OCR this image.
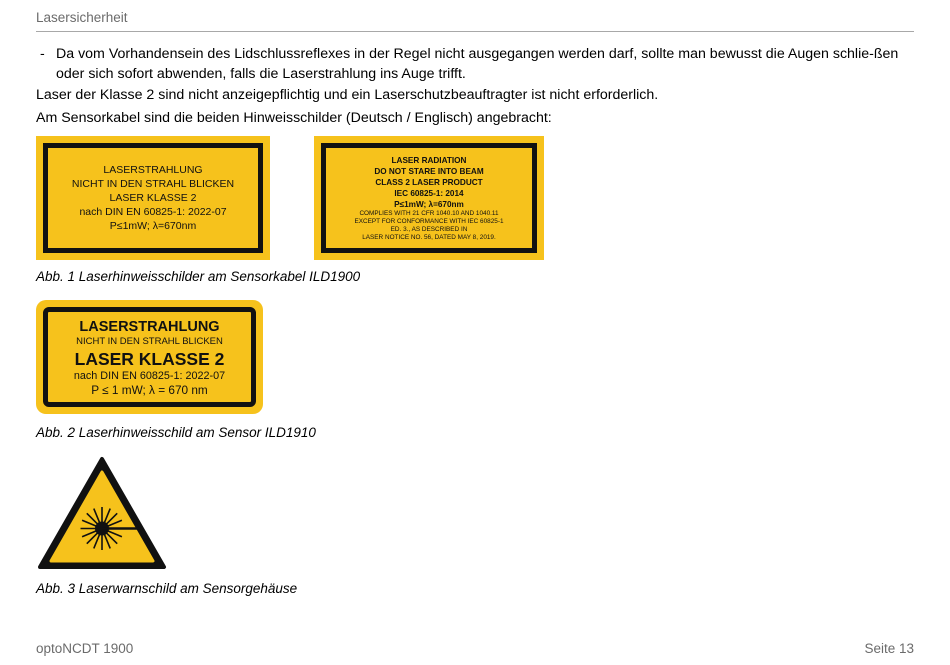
Lasersicherheit
- Da vom Vorhandensein des Lidschlussreflexes in der Regel nicht ausgegangen werden darf, sollte man bewusst die Augen schlie-ßen oder sich sofort abwenden, falls die Laserstrahlung ins Auge trifft.
Laser der Klasse 2 sind nicht anzeigepflichtig und ein Laserschutzbeauftragter ist nicht erforderlich.
Am Sensorkabel sind die beiden Hinweisschilder (Deutsch / Englisch) angebracht:
LASERSTRAHLUNG
NICHT IN DEN STRAHL BLICKEN
LASER KLASSE 2
nach DIN EN 60825-1: 2022-07
P≤1mW; λ=670nm
LASER RADIATION
DO NOT STARE INTO BEAM
CLASS 2 LASER PRODUCT
IEC 60825-1: 2014
P≤1mW; λ=670nm
COMPLIES WITH 21 CFR 1040.10 AND 1040.11
EXCEPT FOR CONFORMANCE WITH IEC 60825-1
ED. 3., AS DESCRIBED IN
LASER NOTICE NO. 56, DATED MAY 8, 2019.
Abb. 1 Laserhinweisschilder am Sensorkabel ILD1900
LASERSTRAHLUNG
NICHT IN DEN STRAHL BLICKEN
LASER KLASSE 2
nach DIN EN 60825-1: 2022-07
P ≤ 1 mW; λ = 670 nm
Abb. 2 Laserhinweisschild am Sensor ILD1910
Abb. 3 Laserwarnschild am Sensorgehäuse
optoNCDT 1900	Seite 13
